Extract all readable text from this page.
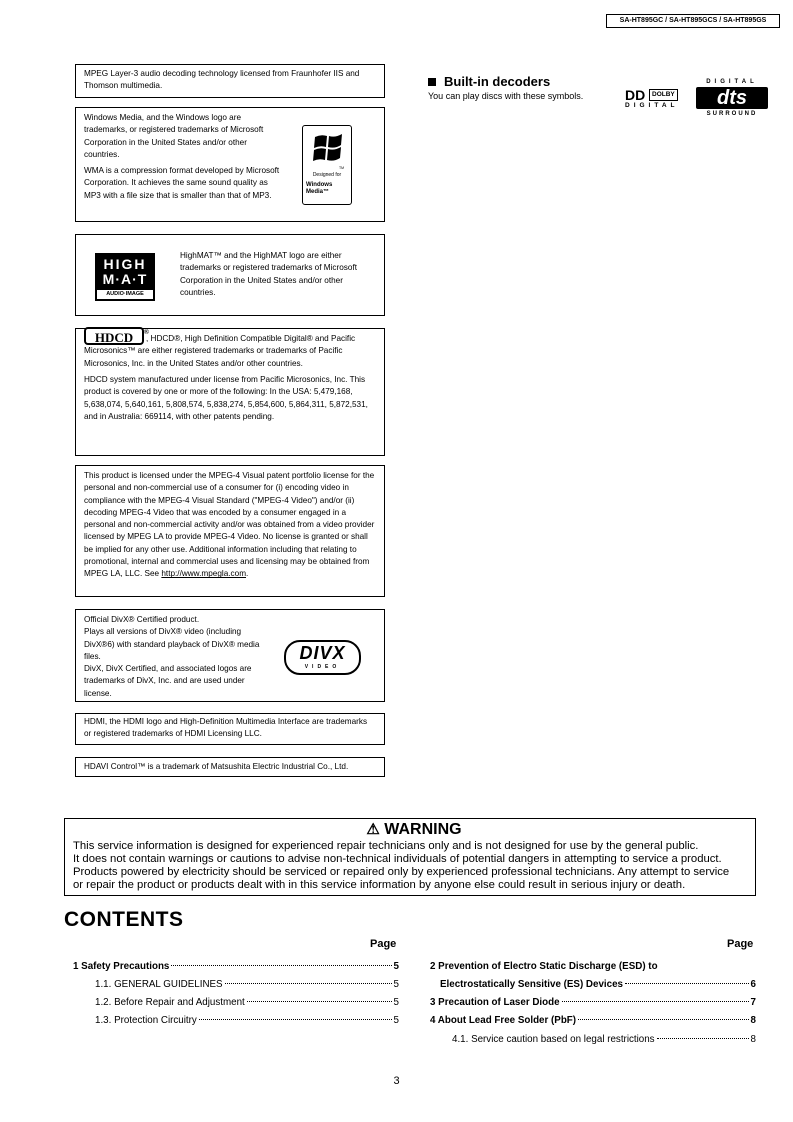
SA-HT895GC / SA-HT895GCS / SA-HT895GS

MPEG Layer-3 audio decoding technology licensed from Fraunhofer IIS and Thomson multimedia.

Windows Media, and the Windows logo are trademarks, or registered trademarks of Microsoft Corporation in the United States and/or other countries.

WMA is a compression format developed by Microsoft Corporation. It achieves the same sound quality as MP3 with a file size that is smaller than that of MP3.

TM
Designed for
Windows
Media™
HIGH
M·A·T
AUDIO·IMAGE

HighMAT™ and the HighMAT logo are either trademarks or registered trademarks of Microsoft Corporation in the United States and/or other countries.

HDCD ®
, HDCD®, High Definition Compatible Digital® and Pacific Microsonics™ are either registered trademarks or trademarks of Pacific Microsonics, Inc. in the United States and/or other countries.

HDCD system manufactured under license from Pacific Microsonics, Inc. This product is covered by one or more of the following: In the USA: 5,479,168, 5,638,074, 5,640,161, 5,808,574, 5,838,274, 5,854,600, 5,864,311, 5,872,531, and in Australia: 669114, with other patents pending.

This product is licensed under the MPEG-4 Visual patent portfolio license for the personal and non-commercial use of a consumer for (i) encoding video in compliance with the MPEG-4 Visual Standard ("MPEG-4 Video") and/or (ii) decoding MPEG-4 Video that was encoded by a consumer engaged in a personal and non-commercial activity and/or was obtained from a video provider licensed by MPEG LA to provide MPEG-4 Video. No license is granted or shall be implied for any other use. Additional information including that relating to promotional, internal and commercial uses and licensing may be obtained from MPEG LA, LLC. See http://www.mpegla.com.

Official DivX® Certified product.
Plays all versions of DivX® video (including DivX®6) with standard playback of DivX® media files.
DivX, DivX Certified, and associated logos are trademarks of DivX, Inc. and are used under license.
DIVX
VIDEO

HDMI, the HDMI logo and High-Definition Multimedia Interface are trademarks or registered trademarks of HDMI Licensing LLC.

HDAVI Control™ is a trademark of Matsushita Electric Industrial Co., Ltd.

Built-in decoders
You can play discs with these symbols.	DD	DOLBY
DIGITAL
DIGITAL
dts
SURROUND
⚠ WARNING

This service information is designed for experienced repair technicians only and is not designed for use by the general public.

It does not contain warnings or cautions to advise non-technical individuals of potential dangers in attempting to service a product.

Products powered by electricity should be serviced or repaired only by experienced professional technicians. Any attempt to service

or repair the product or products dealt with in this service information by anyone else could result in serious injury or death.

CONTENTS
Page	Page
1 Safety Precautions	5
1.1. GENERAL GUIDELINES	5
1.2. Before Repair and Adjustment	5
1.3. Protection Circuitry	5
2 Prevention of Electro Static Discharge (ESD) to
Electrostatically Sensitive (ES) Devices	6
3 Precaution of Laser Diode	7
4 About Lead Free Solder (PbF)	8
4.1. Service caution based on legal restrictions	8
3
